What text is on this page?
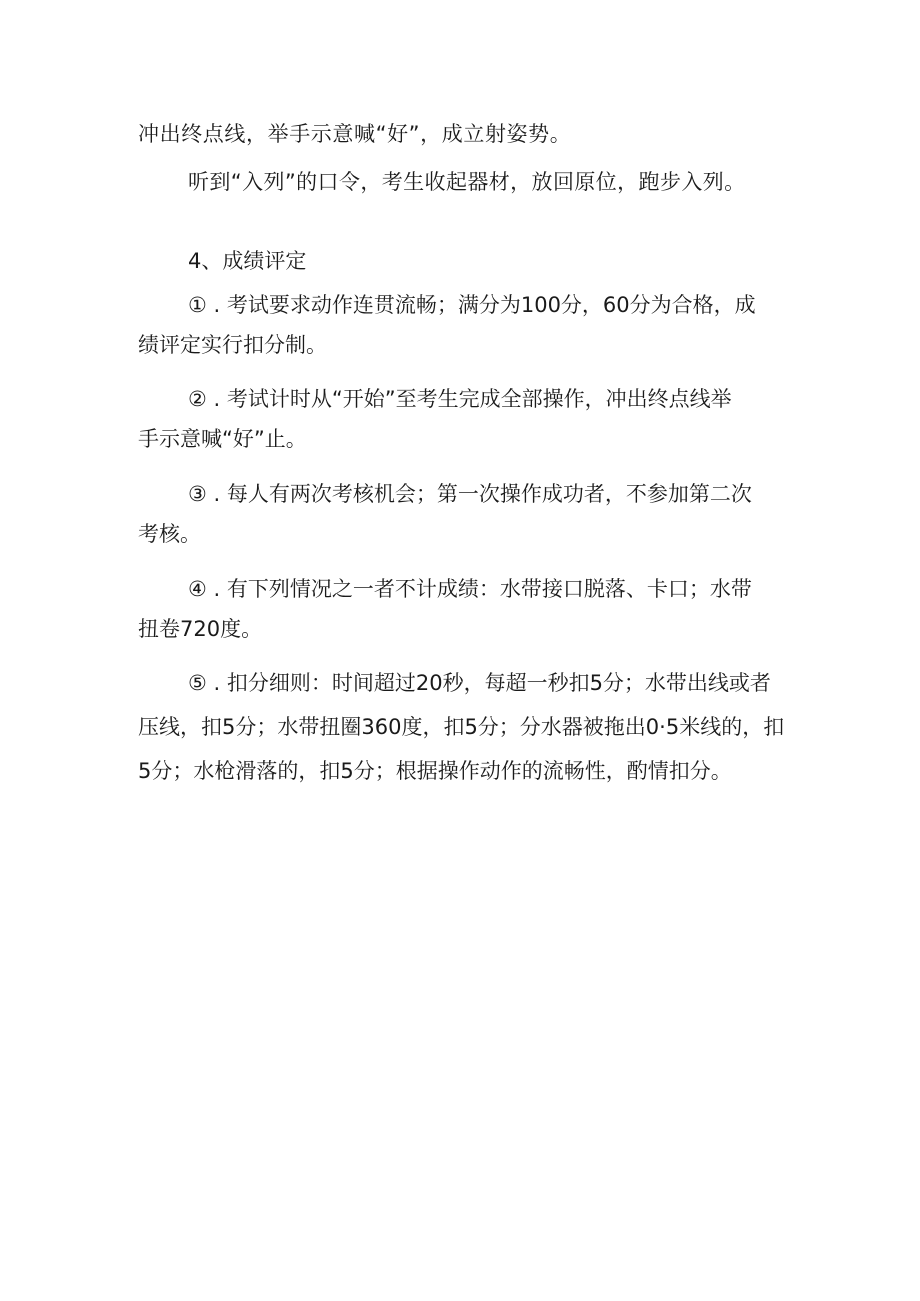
冲出终点线，举手示意喊“好”，成立射姿势。
听到“入列”的口令，考生收起器材，放回原位，跑步入列。
4、成绩评定
① . 考试要求动作连贯流畅；满分为100分，60分为合格，成
绩评定实行扣分制。
② . 考试计时从“开始”至考生完成全部操作，冲出终点线举
手示意喊“好”止。
③ . 每人有两次考核机会；第一次操作成功者，不参加第二次
考核。
④ . 有下列情况之一者不计成绩：水带接口脱落、卡口；水带
扭卷720度。
⑤ . 扣分细则：时间超过20秒，每超一秒扣5分；水带出线或者
压线，扣5分；水带扭圈360度，扣5分；分水器被拖出0·5米线的，扣
5分；水枪滑落的，扣5分；根据操作动作的流畅性，酌情扣分。
